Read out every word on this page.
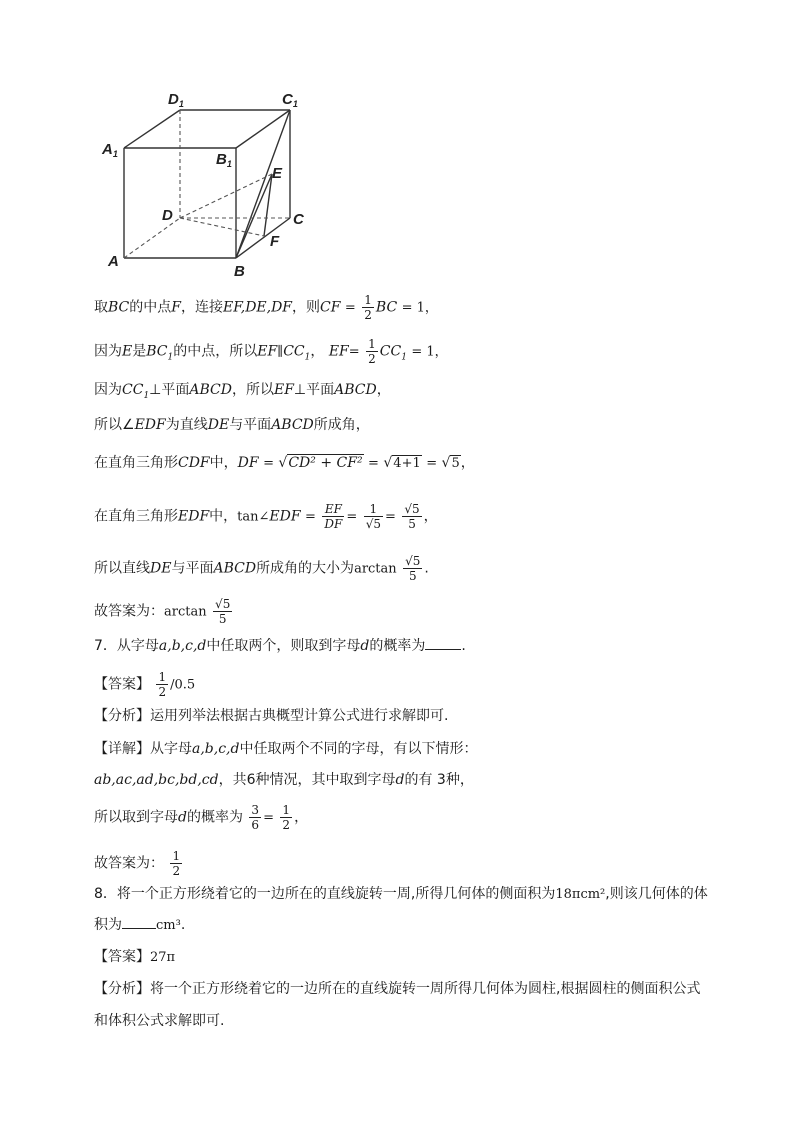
$D_1$	$C_1$
$A_1$	$B_1$
E
D	C
F
A
B
取BC的中点F，连接EF,DE,DF，则CF = $\frac{1}{2}$ BC = 1，
因为E是$BC_1$的中点，所以$EF\parallel CC_1$， $EF= \frac{1}{2} CC_1 = 1$，
因为$CC_1\perp$平面ABCD，所以EF⊥平面ABCD，
所以∠EDF为直线DE与平面ABCD所成角，
在直角三角形CDF中，DF = √CD² + CF² = √4+1 = √5，
在直角三角形EDF中，tan∠EDF = $\frac{EF}{DF} = \frac{1}{√5} = \frac{√5}{5}$ ，
所以直线DE与平面ABCD所成角的大小为$\arctan \frac{√5}{5}$ .
故答案为：$\arctan \frac{√5}{5}$
7．从字母a,b,c,d中任取两个，则取到字母d的概率为	.
【答案】 $\frac{1}{2} /0.5$
【分析】运用列举法根据古典概型计算公式进行求解即可.
【详解】从字母a,b,c,d中任取两个不同的字母，有以下情形：
ab,ac,ad,bc,bd,cd，共6种情况，其中取到字母d的有 3种，
所以取到字母d的概率为 $\frac{3}{6} = \frac{1}{2}$ ，
故答案为： $\frac{1}{2}$
8．将一个正方形绕着它的一边所在的直线旋转一周,所得几何体的侧面积为18πcm²,则该几何体的体
积为	cm³.
【答案】27π
【分析】将一个正方形绕着它的一边所在的直线旋转一周所得几何体为圆柱,根据圆柱的侧面积公式
和体积公式求解即可.
